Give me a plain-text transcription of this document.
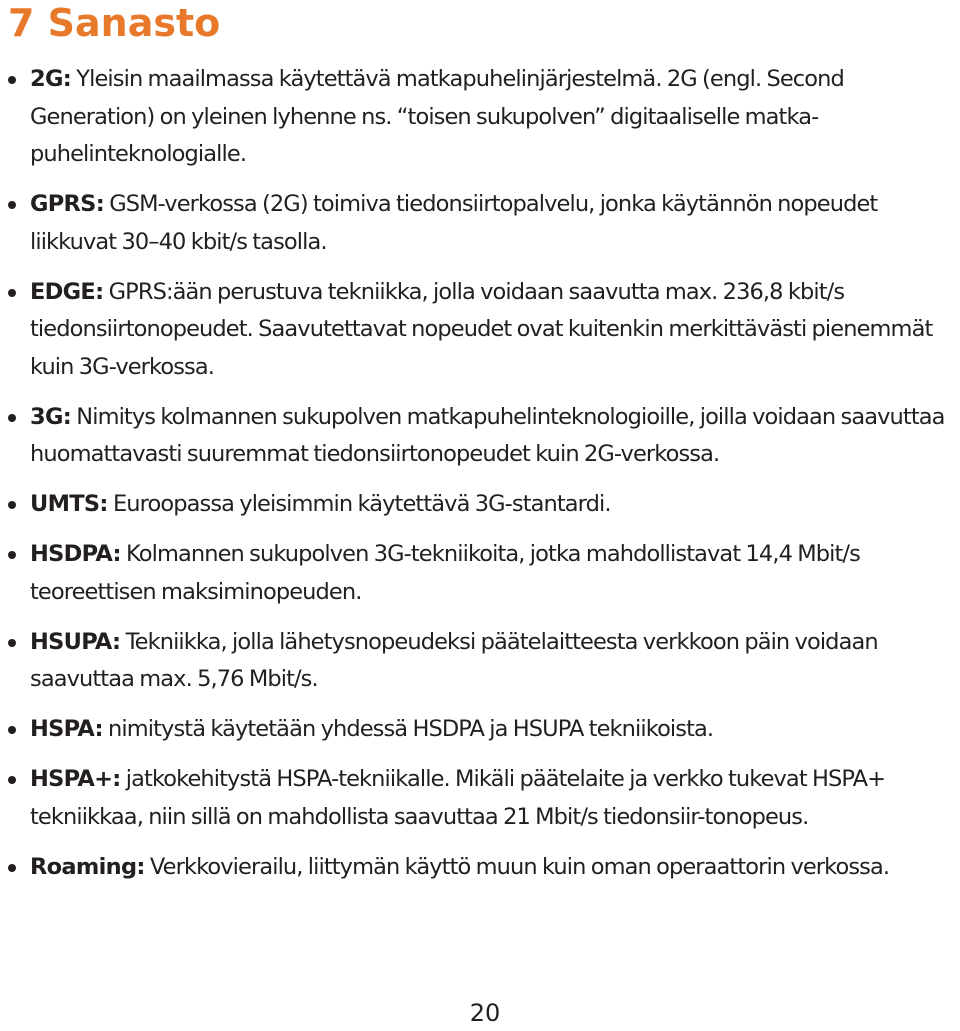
7 Sanasto
2G: Yleisin maailmassa käytettävä matkapuhelinjärjestelmä. 2G (engl. Second Generation) on yleinen lyhenne ns. “toisen sukupolven” digitaaliselle matka-puhelinteknologialle.
GPRS: GSM-verkossa (2G) toimiva tiedonsiirtopalvelu, jonka käytännön nopeudet liikkuvat 30–40 kbit/s tasolla.
EDGE: GPRS:ään perustuva tekniikka, jolla voidaan saavutta max. 236,8 kbit/s tiedonsiirtonopeudet. Saavutettavat nopeudet ovat kuitenkin merkittävästi pienemmät kuin 3G-verkossa.
3G: Nimitys kolmannen sukupolven matkapuhelinteknologioille, joilla voidaan saavuttaa huomattavasti suuremmat tiedonsiirtonopeudet kuin 2G-verkossa.
UMTS: Euroopassa yleisimmin käytettävä 3G-stantardi.
HSDPA: Kolmannen sukupolven 3G-tekniikoita, jotka mahdollistavat 14,4 Mbit/s teoreettisen maksiminopeuden.
HSUPA: Tekniikka, jolla lähetysnopeudeksi päätelaitteesta verkkoon päin voidaan saavuttaa max. 5,76 Mbit/s.
HSPA: nimitystä käytetään yhdessä HSDPA ja HSUPA tekniikoista.
HSPA+: jatkokehitystä HSPA-tekniikalle. Mikäli päätelaite ja verkko tukevat HSPA+ tekniikkaa, niin sillä on mahdollista saavuttaa 21 Mbit/s tiedonsiir-tonopeus.
Roaming: Verkkovierailu, liittymän käyttö muun kuin oman operaattorin verkossa.
20
